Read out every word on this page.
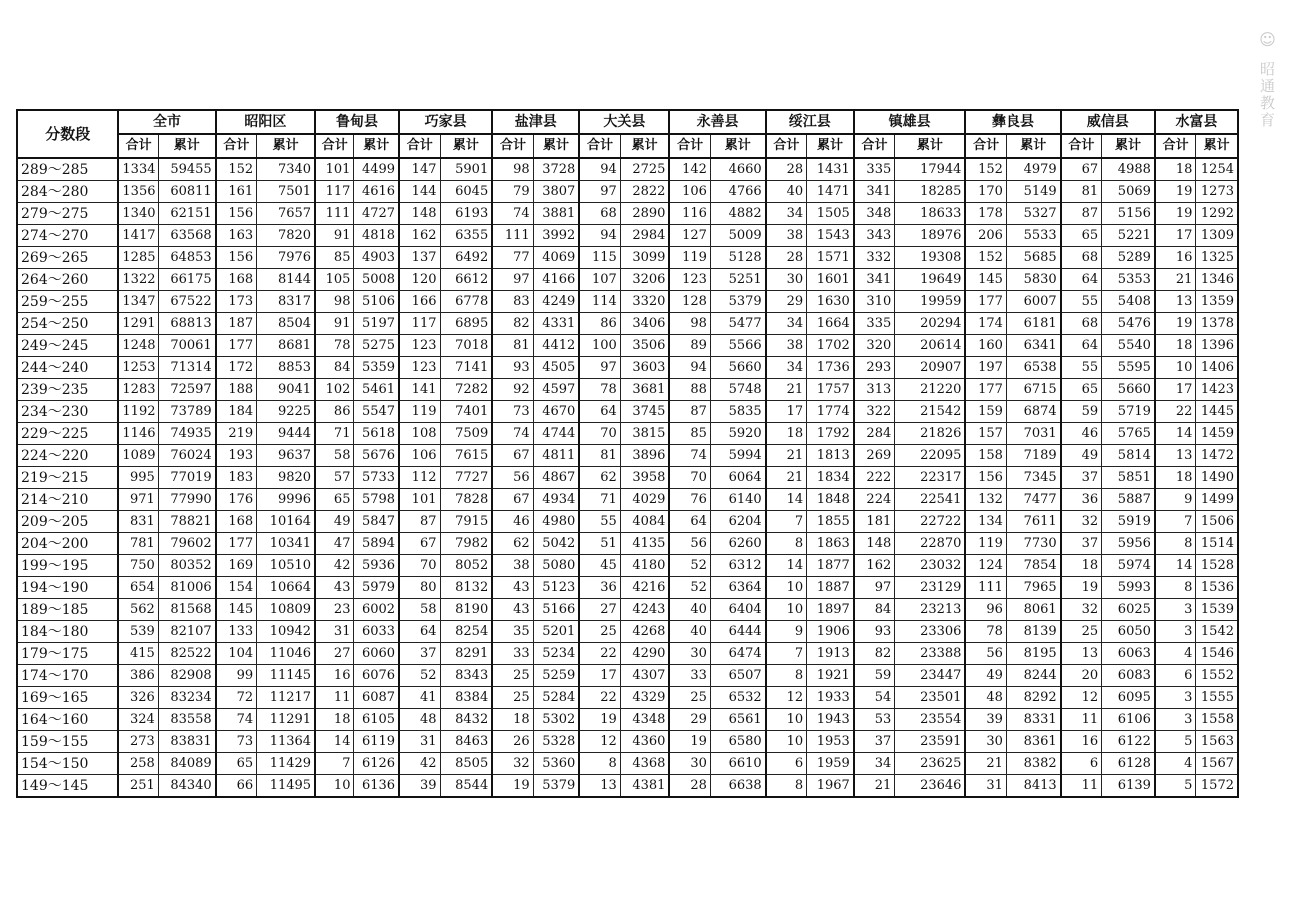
☺ 昭通教育
分数段	全市		昭阳区		鲁甸县		巧家县		盐津县		大关县		永善县		绥江县		镇雄县		彝良县		威信县		水富县	
	合计	累计	合计	累计	合计	累计	合计	累计	合计	累计	合计	累计	合计	累计	合计	累计	合计	累计	合计	累计	合计	累计	合计	累计
289～285	1334	59455	152	7340	101	4499	147	5901	98	3728	94	2725	142	4660	28	1431	335	17944	152	4979	67	4988	18	1254
284～280	1356	60811	161	7501	117	4616	144	6045	79	3807	97	2822	106	4766	40	1471	341	18285	170	5149	81	5069	19	1273
279～275	1340	62151	156	7657	111	4727	148	6193	74	3881	68	2890	116	4882	34	1505	348	18633	178	5327	87	5156	19	1292
274～270	1417	63568	163	7820	91	4818	162	6355	111	3992	94	2984	127	5009	38	1543	343	18976	206	5533	65	5221	17	1309
269～265	1285	64853	156	7976	85	4903	137	6492	77	4069	115	3099	119	5128	28	1571	332	19308	152	5685	68	5289	16	1325
264～260	1322	66175	168	8144	105	5008	120	6612	97	4166	107	3206	123	5251	30	1601	341	19649	145	5830	64	5353	21	1346
259～255	1347	67522	173	8317	98	5106	166	6778	83	4249	114	3320	128	5379	29	1630	310	19959	177	6007	55	5408	13	1359
254～250	1291	68813	187	8504	91	5197	117	6895	82	4331	86	3406	98	5477	34	1664	335	20294	174	6181	68	5476	19	1378
249～245	1248	70061	177	8681	78	5275	123	7018	81	4412	100	3506	89	5566	38	1702	320	20614	160	6341	64	5540	18	1396
244～240	1253	71314	172	8853	84	5359	123	7141	93	4505	97	3603	94	5660	34	1736	293	20907	197	6538	55	5595	10	1406
239～235	1283	72597	188	9041	102	5461	141	7282	92	4597	78	3681	88	5748	21	1757	313	21220	177	6715	65	5660	17	1423
234～230	1192	73789	184	9225	86	5547	119	7401	73	4670	64	3745	87	5835	17	1774	322	21542	159	6874	59	5719	22	1445
229～225	1146	74935	219	9444	71	5618	108	7509	74	4744	70	3815	85	5920	18	1792	284	21826	157	7031	46	5765	14	1459
224～220	1089	76024	193	9637	58	5676	106	7615	67	4811	81	3896	74	5994	21	1813	269	22095	158	7189	49	5814	13	1472
219～215	995	77019	183	9820	57	5733	112	7727	56	4867	62	3958	70	6064	21	1834	222	22317	156	7345	37	5851	18	1490
214～210	971	77990	176	9996	65	5798	101	7828	67	4934	71	4029	76	6140	14	1848	224	22541	132	7477	36	5887	9	1499
209～205	831	78821	168	10164	49	5847	87	7915	46	4980	55	4084	64	6204	7	1855	181	22722	134	7611	32	5919	7	1506
204～200	781	79602	177	10341	47	5894	67	7982	62	5042	51	4135	56	6260	8	1863	148	22870	119	7730	37	5956	8	1514
199～195	750	80352	169	10510	42	5936	70	8052	38	5080	45	4180	52	6312	14	1877	162	23032	124	7854	18	5974	14	1528
194～190	654	81006	154	10664	43	5979	80	8132	43	5123	36	4216	52	6364	10	1887	97	23129	111	7965	19	5993	8	1536
189～185	562	81568	145	10809	23	6002	58	8190	43	5166	27	4243	40	6404	10	1897	84	23213	96	8061	32	6025	3	1539
184～180	539	82107	133	10942	31	6033	64	8254	35	5201	25	4268	40	6444	9	1906	93	23306	78	8139	25	6050	3	1542
179～175	415	82522	104	11046	27	6060	37	8291	33	5234	22	4290	30	6474	7	1913	82	23388	56	8195	13	6063	4	1546
174～170	386	82908	99	11145	16	6076	52	8343	25	5259	17	4307	33	6507	8	1921	59	23447	49	8244	20	6083	6	1552
169～165	326	83234	72	11217	11	6087	41	8384	25	5284	22	4329	25	6532	12	1933	54	23501	48	8292	12	6095	3	1555
164～160	324	83558	74	11291	18	6105	48	8432	18	5302	19	4348	29	6561	10	1943	53	23554	39	8331	11	6106	3	1558
159～155	273	83831	73	11364	14	6119	31	8463	26	5328	12	4360	19	6580	10	1953	37	23591	30	8361	16	6122	5	1563
154～150	258	84089	65	11429	7	6126	42	8505	32	5360	8	4368	30	6610	6	1959	34	23625	21	8382	6	6128	4	1567
149～145	251	84340	66	11495	10	6136	39	8544	19	5379	13	4381	28	6638	8	1967	21	23646	31	8413	11	6139	5	1572
